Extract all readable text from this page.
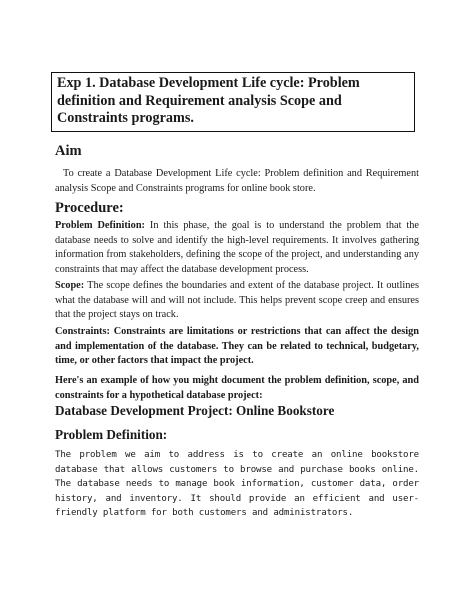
Exp 1. Database Development Life cycle: Problem definition and Requirement analysis Scope and Constraints programs.
Aim
To create a Database Development Life cycle: Problem definition and Requirement analysis Scope and Constraints programs for online book store.
Procedure:

Problem Definition: In this phase, the goal is to understand the problem that the database needs to solve and identify the high-level requirements. It involves gathering information from stakeholders, defining the scope of the project, and understanding any constraints that may affect the database development process.

Scope: The scope defines the boundaries and extent of the database project. It outlines what the database will and will not include. This helps prevent scope creep and ensures that the project stays on track.

Constraints: Constraints are limitations or restrictions that can affect the design and implementation of the database. They can be related to technical, budgetary, time, or other factors that impact the project.

Here's an example of how you might document the problem definition, scope, and constraints for a hypothetical database project:

Database Development Project: Online Bookstore
Problem Definition:

The problem we aim to address is to create an online bookstore database that allows customers to browse and purchase books online. The database needs to manage book information, customer data, order history, and inventory. It should provide an efficient and user-friendly platform for both customers and administrators.
